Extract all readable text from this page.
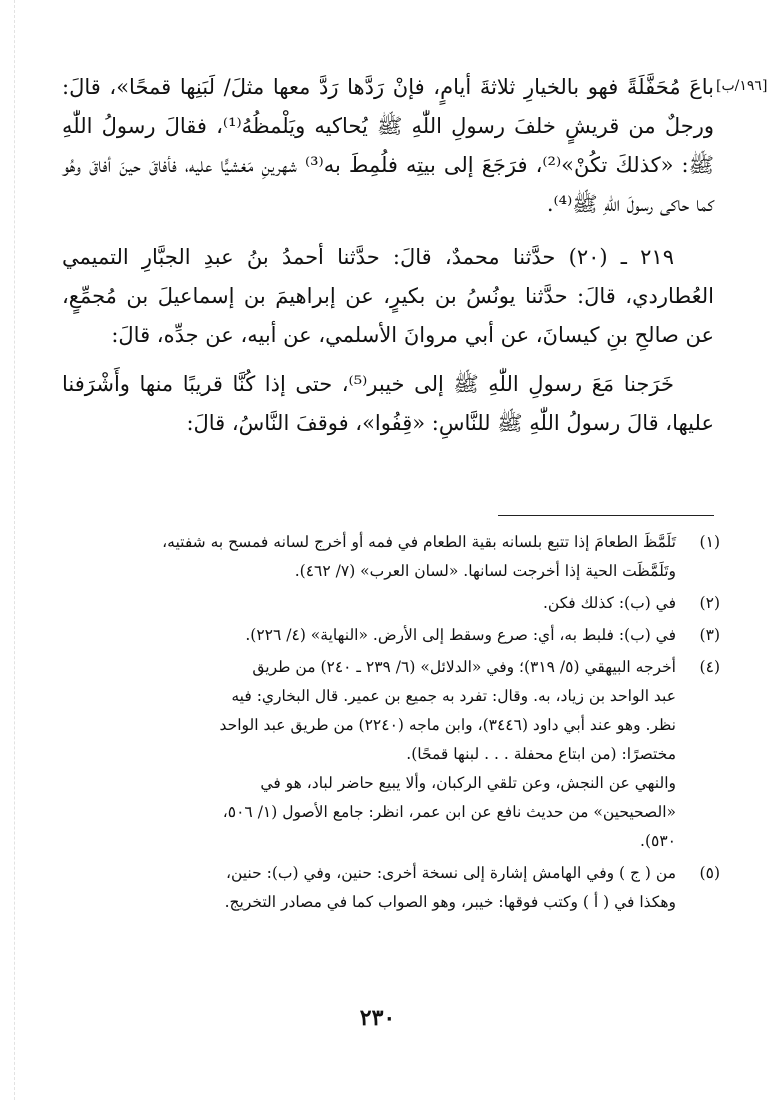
[١٩٦/ب]

باعَ مُحَفَّلَةً فهو بالخيارِ ثلاثةَ أيامٍ، فإنْ رَدَّها رَدَّ معها مثلَ/ لَبَنِها قمحًا»، قالَ: ورجلٌ من قريشٍ خلفَ رسولِ اللّٰهِ ﷺ يُحاكيه ويَلْمظُهُ⁽¹⁾، فقالَ رسولُ اللّٰهِ ﷺ: «كذلكَ تكُنْ»⁽²⁾، فرَجَعَ إلى بيتِه فلُمِطَ به⁽³⁾ شهرينِ مَغشيًّا عليه، فأفاقَ حينَ أفاقَ وهُو كما حاكى رسولَ اللّٰهِ ﷺ⁽⁴⁾.

٢١٩ ـ (٢٠) حدَّثنا محمدٌ، قالَ: حدَّثنا أحمدُ بنُ عبدِ الجبَّارِ التميمي العُطاردي، قالَ: حدَّثنا يونُسُ بن بكيرٍ، عن إبراهيمَ بن إسماعيلَ بن مُجمِّعٍ، عن صالحِ بنِ كيسانَ، عن أبي مروانَ الأسلمي، عن أبيه، عن جدِّه، قالَ:

خَرَجنا مَعَ رسولِ اللّٰهِ ﷺ إلى خيبر⁽⁵⁾، حتى إذا كُنَّا قريبًا منها وأَشْرَفنا عليها، قالَ رسولُ اللّٰهِ ﷺ للنَّاسِ: «قِفُوا»، فوقفَ النَّاسُ، قالَ:

(١)
تَلَمَّظَ الطعامَ إذا تتبع بلسانه بقية الطعام في فمه أو أخرج لسانه فمسح به شفتيه،
وتَلَمَّظَت الحية إذا أخرجت لسانها. «لسان العرب» (٧/ ٤٦٢).
(٢)
في (ب): كذلك فكن.
(٣)
في (ب): فلبط به، أي: صرع وسقط إلى الأرض. «النهاية» (٤/ ٢٢٦).
(٤)
أخرجه البيهقي (٥/ ٣١٩)؛ وفي «الدلائل» (٦/ ٢٣٩ ـ ٢٤٠) من طريق
عبد الواحد بن زياد، به. وقال: تفرد به جميع بن عمير. قال البخاري: فيه
نظر. وهو عند أبي داود (٣٤٤٦)، وابن ماجه (٢٢٤٠) من طريق عبد الواحد
مختصرًا: (من ابتاع محفلة . . . لبنها قمحًا).
والنهي عن النجش، وعن تلقي الركبان، وألا يبيع حاضر لباد، هو في
«الصحيحين» من حديث نافع عن ابن عمر، انظر: جامع الأصول (١/ ٥٠٦،
٥٣٠).
(٥)
من ( ج ) وفي الهامش إشارة إلى نسخة أخرى: حنين، وفي (ب): حنين،
وهكذا في ( أ ) وكتب فوقها: خيبر، وهو الصواب كما في مصادر التخريج.
٢٣٠
